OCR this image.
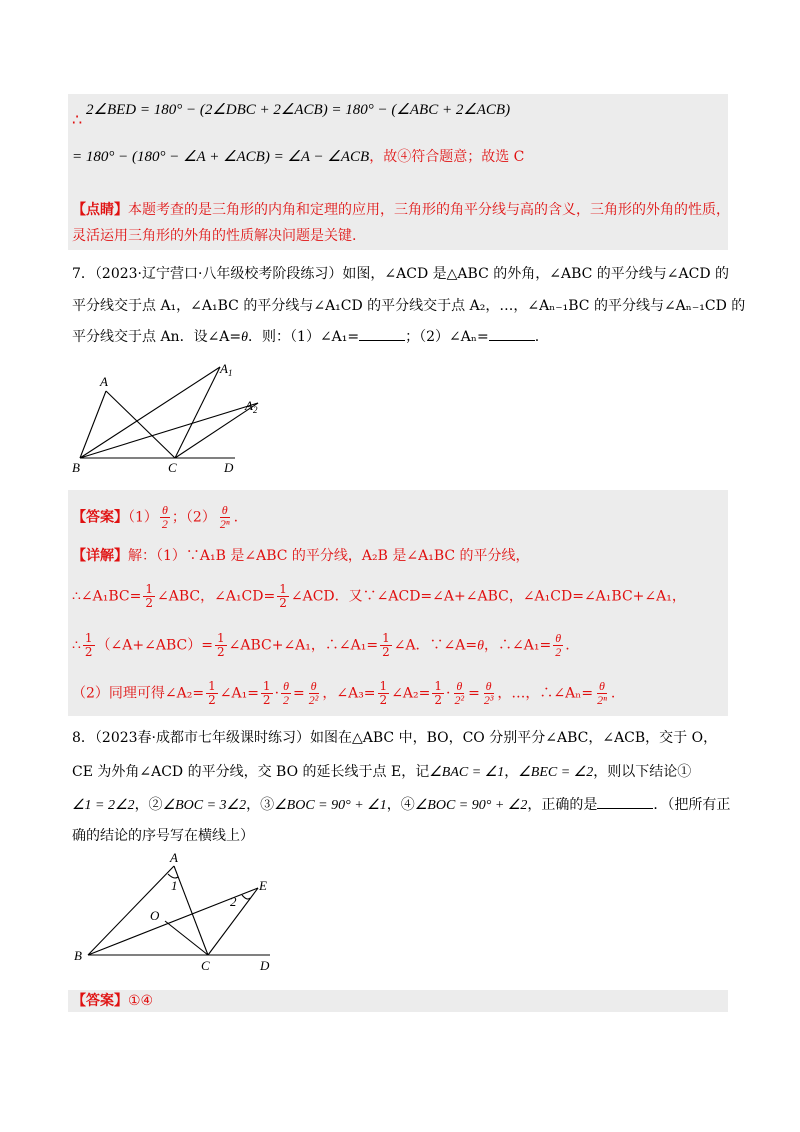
2∠BED = 180° − (2∠DBC + 2∠ACB) = 180° − (∠ABC + 2∠ACB)
∴
= 180° − (180° − ∠A + ∠ACB) = ∠A − ∠ACB，故④符合题意；故选 C
【点睛】本题考查的是三角形的内角和定理的应用，三角形的角平分线与高的含义，三角形的外角的性质，
灵活运用三角形的外角的性质解决问题是关键.
7．（2023·辽宁营口·八年级校考阶段练习）如图，∠ACD 是△ABC 的外角，∠ABC 的平分线与∠ACD 的
平分线交于点 A₁，∠A₁BC 的平分线与∠A₁CD 的平分线交于点 A₂，…，∠Aₙ₋₁BC 的平分线与∠Aₙ₋₁CD 的
平分线交于点 An．设∠A=θ．则：（1）∠A₁=	；（2）∠Aₙ=	.
A
$A_1$
$A_2$
B	C	D
【答案】$(1) \frac{\theta}{2}$ ；$(2) \frac{\theta}{\text{2ⁿ}}$ .
【详解】解：（1）∵A₁B 是∠ABC 的平分线，A₂B 是∠A₁BC 的平分线，
∴∠A₁BC= $\frac{1}{2}$ ∠ABC，∠A₁CD= $\frac{1}{2}$ ∠ACD．又∵∠ACD=∠A+∠ABC，∠A₁CD=∠A₁BC+∠A₁，
∴ $\frac{1}{2}$ （∠A+∠ABC）= $\frac{1}{2}$ ∠ABC+∠A₁，∴∠A₁= $\frac{1}{2}$ ∠A．∵∠A=θ，∴∠A₁= $\frac{\theta}{2}$ .
（2）同理可得∠A₂= $\frac{1}{2}$ ∠A₁= $\frac{1}{2} \cdot \frac{\theta}{2} = \frac{\theta}{\text{2²}}$ ，∠A₃= $\frac{1}{2}$ ∠A₂= $\frac{1}{2} \cdot \frac{\theta}{\text{2²}} = \frac{\theta}{\text{2³}}$ ，…，∴∠Aₙ= $\frac{\theta}{\text{2ⁿ}}$ .
8．（2023春·成都市七年级课时练习）如图在△ABC 中，BO，CO 分别平分∠ABC，∠ACB，交于 O，
CE 为外角∠ACD 的平分线，交 BO 的延长线于点 E，记∠BAC = ∠1，∠BEC = ∠2，则以下结论①
∠1 = 2∠2，②∠BOC = 3∠2，③∠BOC = 90° + ∠1，④∠BOC = 90° + ∠2，正确的是	．（把所有正
确的结论的序号写在横线上）
A
1	E
2
O
B
C	D
【答案】①④
